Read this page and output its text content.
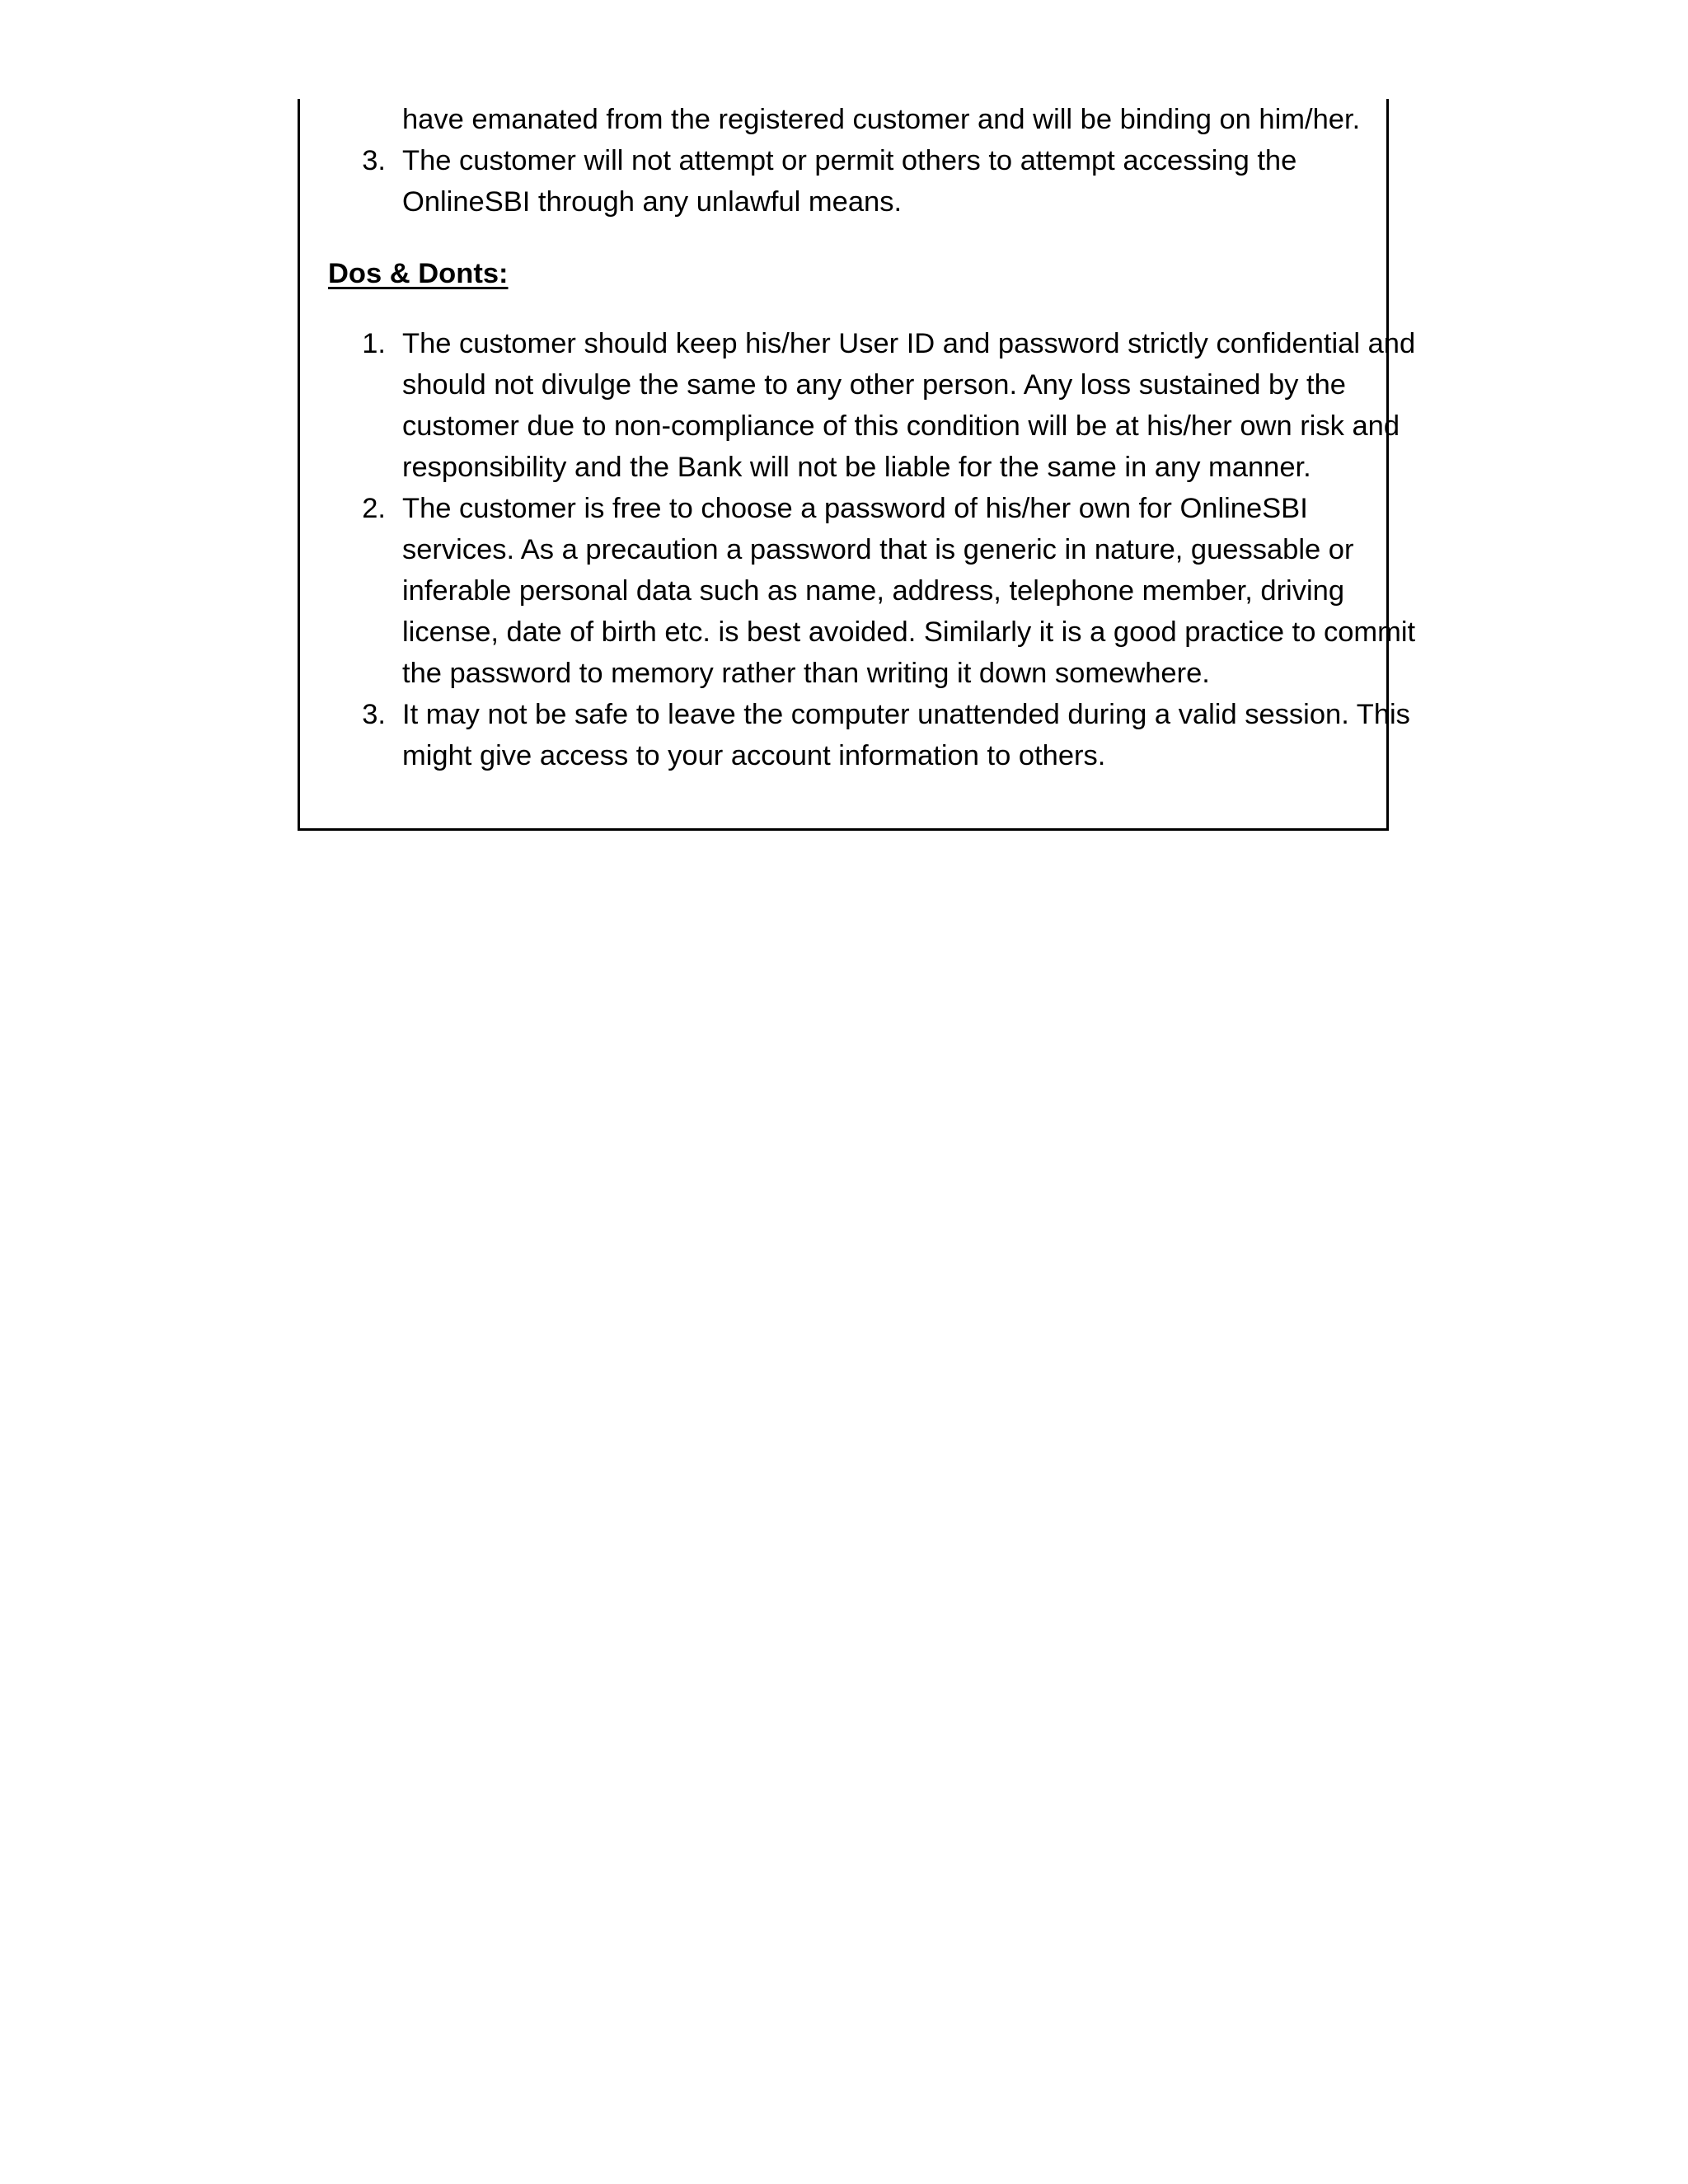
have emanated from the registered customer and will be binding on him/her.
3. The customer will not attempt or permit others to attempt accessing the
OnlineSBI through any unlawful means.
Dos & Donts:
1. The customer should keep his/her User ID and password strictly confidential and
should not divulge the same to any other person. Any loss sustained by the
customer due to non-compliance of this condition will be at his/her own risk and
responsibility and the Bank will not be liable for the same in any manner.
2. The customer is free to choose a password of his/her own for OnlineSBI
services. As a precaution a password that is generic in nature, guessable or
inferable personal data such as name, address, telephone member, driving
license, date of birth etc. is best avoided. Similarly it is a good practice to commit
the password to memory rather than writing it down somewhere.
3. It may not be safe to leave the computer unattended during a valid session. This
might give access to your account information to others.
